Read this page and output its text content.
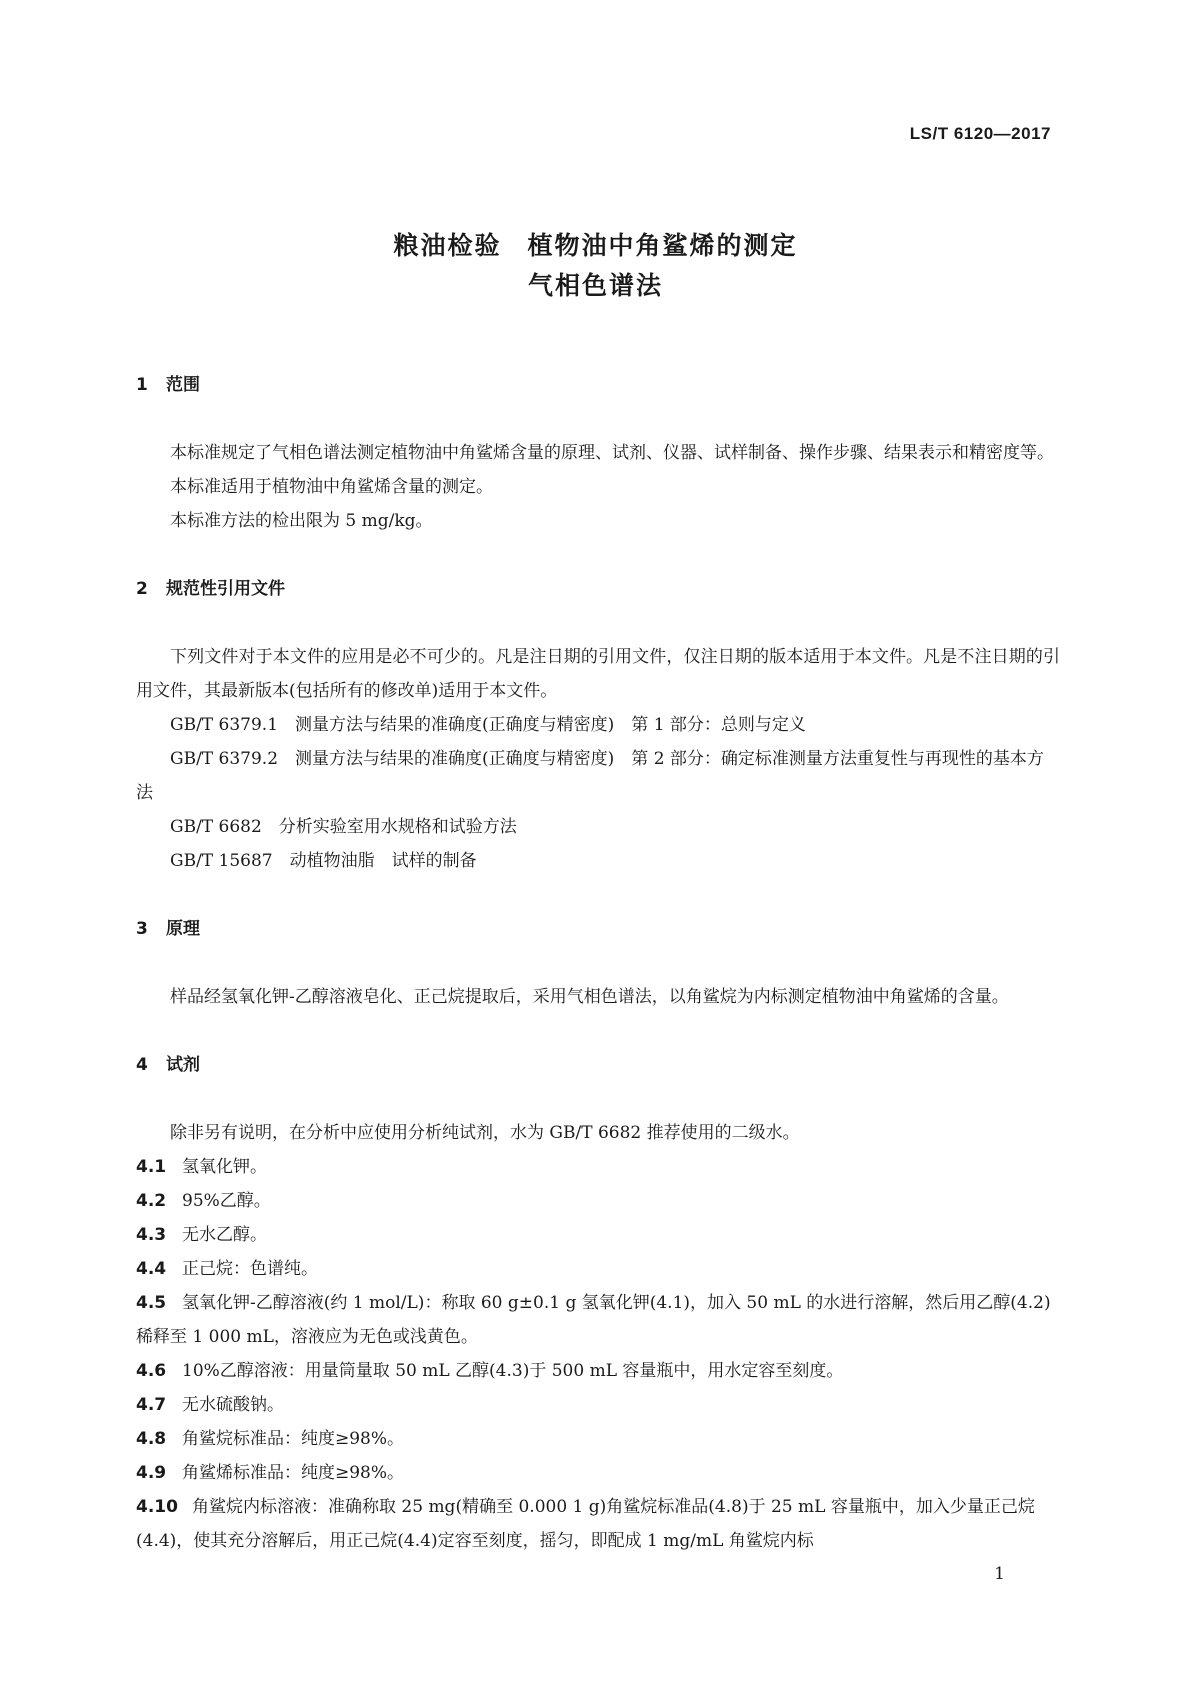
LS/T 6120—2017
粮油检验 植物油中角鲨烯的测定
气相色谱法
1 范围

本标准规定了气相色谱法测定植物油中角鲨烯含量的原理、试剂、仪器、试样制备、操作步骤、结果表示和精密度等。

本标准适用于植物油中角鲨烯含量的测定。

本标准方法的检出限为 5 mg/kg。

2 规范性引用文件

下列文件对于本文件的应用是必不可少的。凡是注日期的引用文件，仅注日期的版本适用于本文件。凡是不注日期的引用文件，其最新版本(包括所有的修改单)适用于本文件。

GB/T 6379.1　测量方法与结果的准确度(正确度与精密度)　第 1 部分：总则与定义

GB/T 6379.2　测量方法与结果的准确度(正确度与精密度)　第 2 部分：确定标准测量方法重复性与再现性的基本方法

GB/T 6682　分析实验室用水规格和试验方法

GB/T 15687　动植物油脂　试样的制备

3 原理

样品经氢氧化钾-乙醇溶液皂化、正己烷提取后，采用气相色谱法，以角鲨烷为内标测定植物油中角鲨烯的含量。

4 试剂

除非另有说明，在分析中应使用分析纯试剂，水为 GB/T 6682 推荐使用的二级水。

4.1 氢氧化钾。

4.2 95%乙醇。

4.3 无水乙醇。

4.4 正己烷：色谱纯。

4.5 氢氧化钾-乙醇溶液(约 1 mol/L)：称取 60 g±0.1 g 氢氧化钾(4.1)，加入 50 mL 的水进行溶解，然后用乙醇(4.2)稀释至 1 000 mL，溶液应为无色或浅黄色。

4.6 10%乙醇溶液：用量筒量取 50 mL 乙醇(4.3)于 500 mL 容量瓶中，用水定容至刻度。

4.7 无水硫酸钠。

4.8 角鲨烷标准品：纯度≥98%。

4.9 角鲨烯标准品：纯度≥98%。

4.10 角鲨烷内标溶液：准确称取 25 mg(精确至 0.000 1 g)角鲨烷标准品(4.8)于 25 mL 容量瓶中，加入少量正己烷(4.4)，使其充分溶解后，用正己烷(4.4)定容至刻度，摇匀，即配成 1 mg/mL 角鲨烷内标

1
